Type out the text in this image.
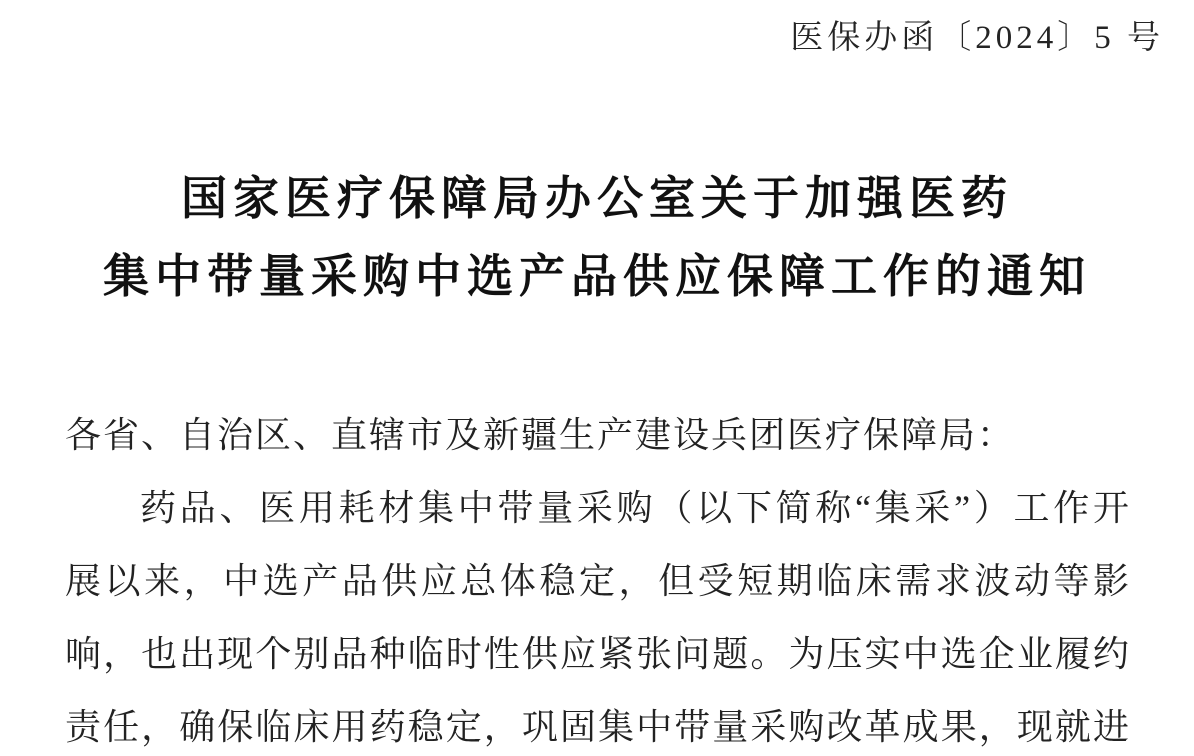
医保办函〔2024〕5 号
国家医疗保障局办公室关于加强医药
集中带量采购中选产品供应保障工作的通知
各省、自治区、直辖市及新疆生产建设兵团医疗保障局：
药品、医用耗材集中带量采购（以下简称“集采”）工作开
展以来，中选产品供应总体稳定，但受短期临床需求波动等影
响，也出现个别品种临时性供应紧张问题。为压实中选企业履约
责任，确保临床用药稳定，巩固集中带量采购改革成果，现就进
